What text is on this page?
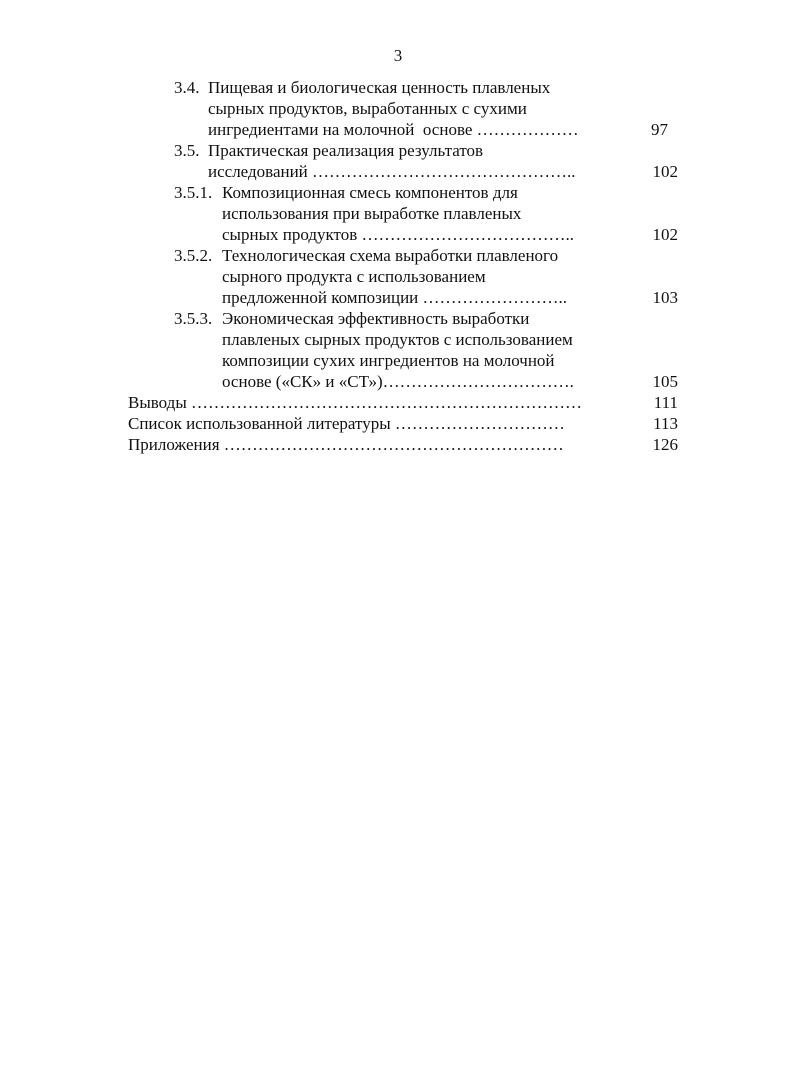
3
3.4. Пищевая и биологическая ценность плавленых
сырных продуктов, выработанных с сухими
ингредиентами на молочной  основе ………………	97
3.5. Практическая реализация результатов
исследований ………………………………………..	102
3.5.1. Композиционная смесь компонентов для
использования при выработке плавленых
сырных продуктов ………………………………..	102
3.5.2. Технологическая схема выработки плавленого
сырного продукта с использованием
предложенной композиции ……………………..	103
3.5.3. Экономическая эффективность выработки
плавленых сырных продуктов с использованием
композиции сухих ингредиентов на молочной
основе («СК» и «СТ»)…………………………….	105
Выводы ……………………………………………………………	111
Список использованной литературы …………………………	113
Приложения ……………………………………………………	126
